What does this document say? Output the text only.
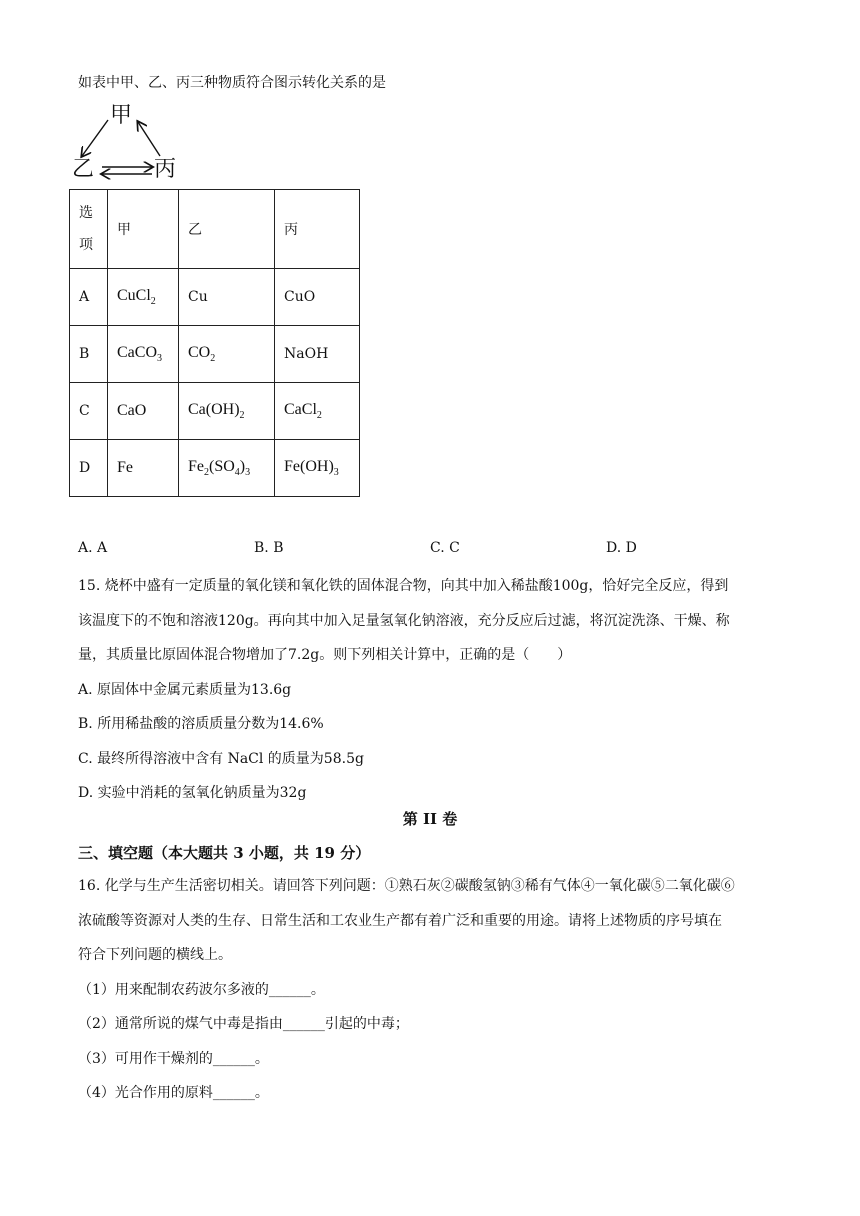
如表中甲、乙、丙三种物质符合图示转化关系的是
甲
乙	丙
选
项	甲	乙	丙
A	CuCl$_2$	Cu	CuO
B	CaCO$_3$	$CO_2$	NaOH
C	CaO	$Ca(OH)_2$	CaCl$_2$
D	Fe	$Fe_2(SO_4)_3$	$Fe(OH)_3$
A. A	B. B	C. C	D. D
15. 烧杯中盛有一定质量的氧化镁和氧化铁的固体混合物，向其中加入稀盐酸100g，恰好完全反应，得到
该温度下的不饱和溶液120g。再向其中加入足量氢氧化钠溶液，充分反应后过滤，将沉淀洗涤、干燥、称
量，其质量比原固体混合物增加了7.2g。则下列相关计算中，正确的是（　　）
A. 原固体中金属元素质量为13.6g
B. 所用稀盐酸的溶质质量分数为14.6%
C. 最终所得溶液中含有 NaCl 的质量为58.5g
D. 实验中消耗的氢氧化钠质量为32g
第 II 卷
三、填空题（本大题共 3 小题，共 19 分）
16. 化学与生产生活密切相关。请回答下列问题：①熟石灰②碳酸氢钠③稀有气体④一氧化碳⑤二氧化碳⑥
浓硫酸等资源对人类的生存、日常生活和工农业生产都有着广泛和重要的用途。请将上述物质的序号填在
符合下列问题的横线上。
（1）用来配制农药波尔多液的______。
（2）通常所说的煤气中毒是指由______引起的中毒；
（3）可用作干燥剂的______。
（4）光合作用的原料______。
